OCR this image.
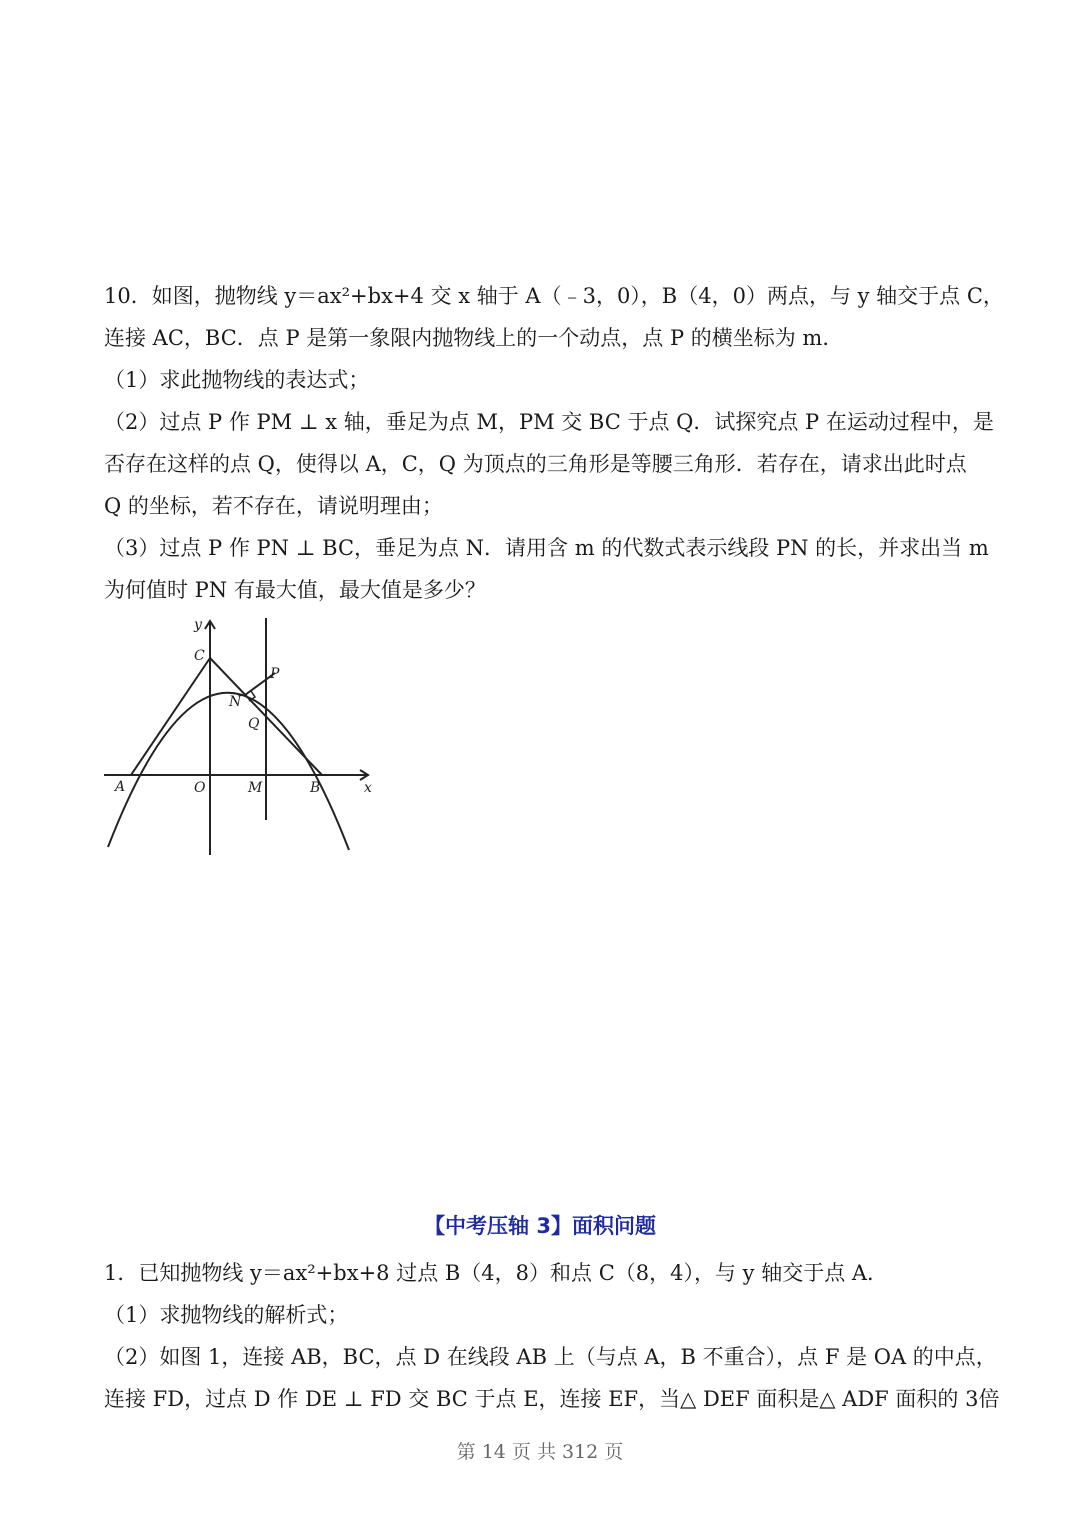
10．如图，抛物线 y＝ax²+bx+4 交 x 轴于 A（﹣3，0），B（4，0）两点，与 y 轴交于点 C，
连接 AC，BC．点 P 是第一象限内抛物线上的一个动点，点 P 的横坐标为 m．
（1）求此抛物线的表达式；
（2）过点 P 作 PM ⊥ x 轴，垂足为点 M，PM 交 BC 于点 Q．试探究点 P 在运动过程中，是
否存在这样的点 Q，使得以 A，C，Q 为顶点的三角形是等腰三角形．若存在，请求出此时点
Q 的坐标，若不存在，请说明理由；
（3）过点 P 作 PN ⊥ BC，垂足为点 N．请用含 m 的代数式表示线段 PN 的长，并求出当 m
为何值时 PN 有最大值，最大值是多少？
y
x
C
P
N
Q
A	O	M	B
【中考压轴 3】面积问题
1．已知抛物线 y＝ax²+bx+8 过点 B（4，8）和点 C（8，4），与 y 轴交于点 A．
（1）求抛物线的解析式；
（2）如图 1，连接 AB，BC，点 D 在线段 AB 上（与点 A，B 不重合），点 F 是 OA 的中点，
连接 FD，过点 D 作 DE ⊥ FD 交 BC 于点 E，连接 EF，当△ DEF 面积是△ ADF 面积的 3倍
第 14 页 共 312 页
